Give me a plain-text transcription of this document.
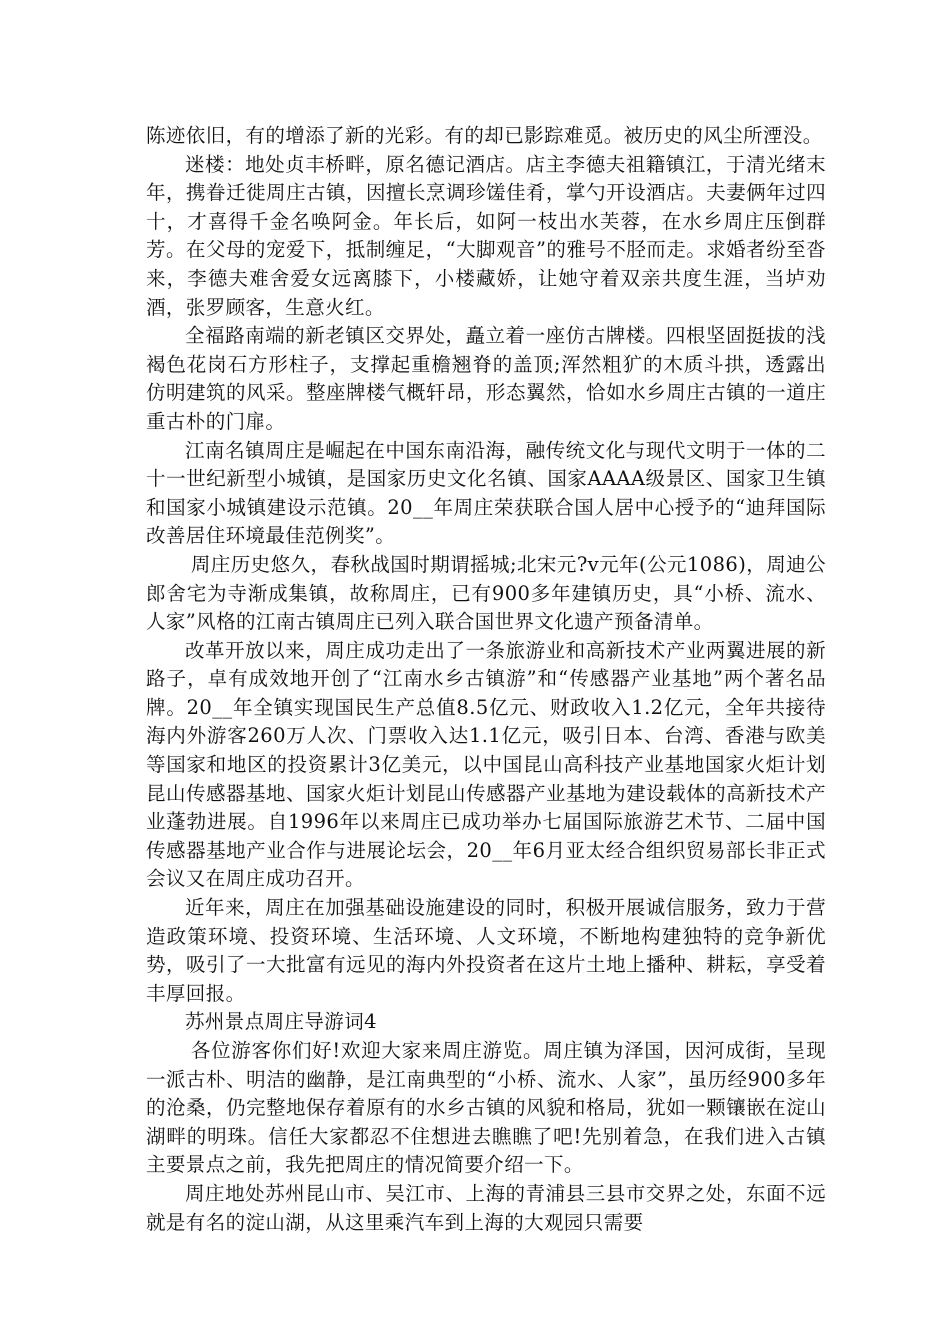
陈迹依旧，有的增添了新的光彩。有的却已影踪难觅。被历史的风尘所湮没。

迷楼：地处贞丰桥畔，原名德记酒店。店主李德夫祖籍镇江，于清光绪末年，携眷迁徙周庄古镇，因擅长烹调珍馐佳肴，掌勺开设酒店。夫妻俩年过四十，才喜得千金名唤阿金。年长后，如阿一枝出水芙蓉，在水乡周庄压倒群芳。在父母的宠爱下，抵制缠足，“大脚观音”的雅号不胫而走。求婚者纷至沓来，李德夫难舍爱女远离膝下，小楼藏娇，让她守着双亲共度生涯，当垆劝酒，张罗顾客，生意火红。

全福路南端的新老镇区交界处，矗立着一座仿古牌楼。四根坚固挺拔的浅褐色花岗石方形柱子，支撑起重檐翘脊的盖顶;浑然粗犷的木质斗拱，透露出仿明建筑的风采。整座牌楼气概轩昂，形态翼然，恰如水乡周庄古镇的一道庄重古朴的门扉。

江南名镇周庄是崛起在中国东南沿海，融传统文化与现代文明于一体的二十一世纪新型小城镇，是国家历史文化名镇、国家AAAA级景区、国家卫生镇和国家小城镇建设示范镇。20__年周庄荣获联合国人居中心授予的“迪拜国际改善居住环境最佳范例奖”。

周庄历史悠久，春秋战国时期谓摇城;北宋元?v元年(公元1086)，周迪公郎舍宅为寺渐成集镇，故称周庄，已有900多年建镇历史，具“小桥、流水、人家”风格的江南古镇周庄已列入联合国世界文化遗产预备清单。

改革开放以来，周庄成功走出了一条旅游业和高新技术产业两翼进展的新路子，卓有成效地开创了“江南水乡古镇游”和“传感器产业基地”两个著名品牌。20__年全镇实现国民生产总值8.5亿元、财政收入1.2亿元，全年共接待海内外游客260万人次、门票收入达1.1亿元，吸引日本、台湾、香港与欧美等国家和地区的投资累计3亿美元，以中国昆山高科技产业基地国家火炬计划昆山传感器基地、国家火炬计划昆山传感器产业基地为建设载体的高新技术产业蓬勃进展。自1996年以来周庄已成功举办七届国际旅游艺术节、二届中国传感器基地产业合作与进展论坛会，20__年6月亚太经合组织贸易部长非正式会议又在周庄成功召开。

近年来，周庄在加强基础设施建设的同时，积极开展诚信服务，致力于营造政策环境、投资环境、生活环境、人文环境，不断地构建独特的竞争新优势，吸引了一大批富有远见的海内外投资者在这片土地上播种、耕耘，享受着丰厚回报。

苏州景点周庄导游词4

各位游客你们好!欢迎大家来周庄游览。周庄镇为泽国，因河成街，呈现一派古朴、明洁的幽静，是江南典型的“小桥、流水、人家”，虽历经900多年的沧桑，仍完整地保存着原有的水乡古镇的风貌和格局，犹如一颗镶嵌在淀山湖畔的明珠。信任大家都忍不住想进去瞧瞧了吧!先别着急，在我们进入古镇主要景点之前，我先把周庄的情况简要介绍一下。

周庄地处苏州昆山市、吴江市、上海的青浦县三县市交界之处，东面不远就是有名的淀山湖，从这里乘汽车到上海的大观园只需要
